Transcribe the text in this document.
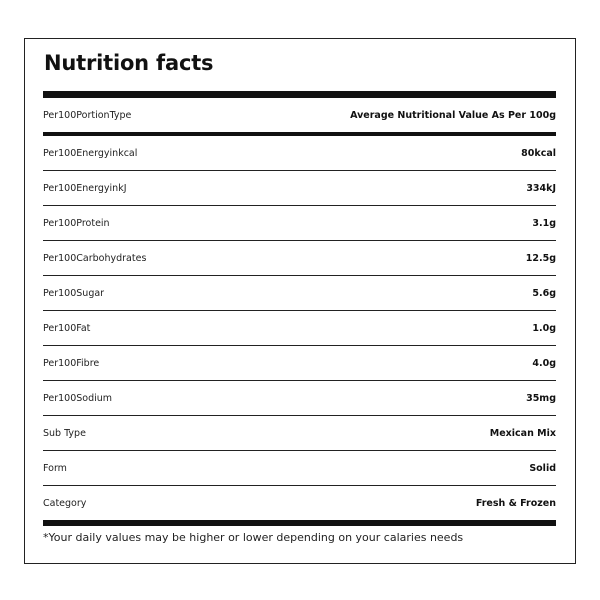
Nutrition facts
Per100PortionType	Average Nutritional Value As Per 100g
Per100Energyinkcal	80kcal
Per100EnergyinkJ	334kJ
Per100Protein	3.1g
Per100Carbohydrates	12.5g
Per100Sugar	5.6g
Per100Fat	1.0g
Per100Fibre	4.0g
Per100Sodium	35mg
Sub Type	Mexican Mix
Form	Solid
Category	Fresh & Frozen
*Your daily values may be higher or lower depending on your calaries needs
